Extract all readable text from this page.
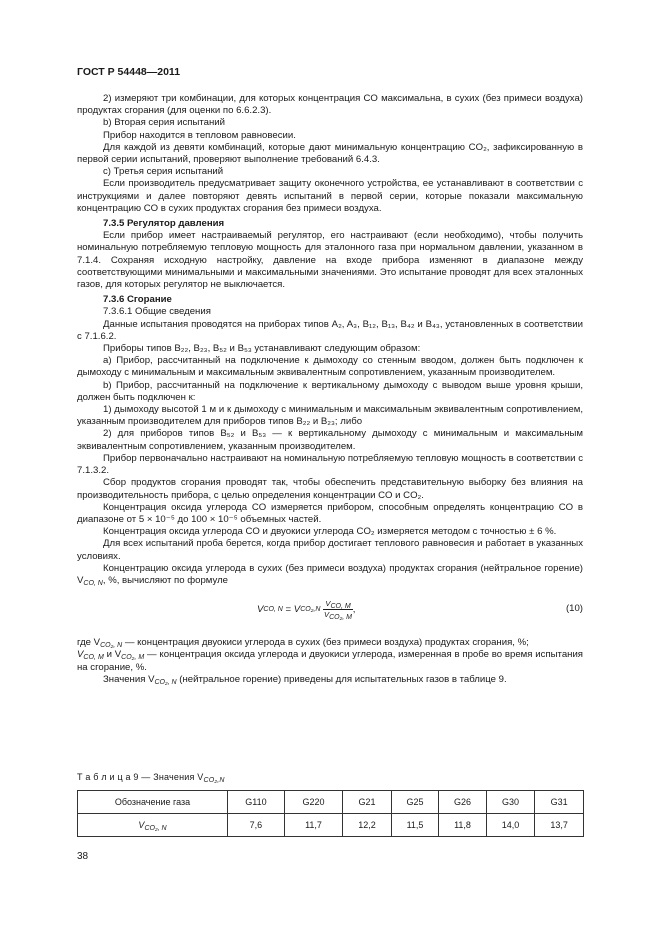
ГОСТ Р 54448—2011

2) измеряют три комбинации, для которых концентрация CO максимальна, в сухих (без примеси воздуха) продуктах сгорания (для оценки по 6.6.2.3).

b) Вторая серия испытаний

Прибор находится в тепловом равновесии.

Для каждой из девяти комбинаций, которые дают минимальную концентрацию CO₂, зафиксированную в первой серии испытаний, проверяют выполнение требований 6.4.3.

c) Третья серия испытаний

Если производитель предусматривает защиту оконечного устройства, ее устанавливают в соответствии с инструкциями и далее повторяют девять испытаний в первой серии, которые показали максимальную концентрацию CO в сухих продуктах сгорания без примеси воздуха.

7.3.5 Регулятор давления

Если прибор имеет настраиваемый регулятор, его настраивают (если необходимо), чтобы получить номинальную потребляемую тепловую мощность для эталонного газа при нормальном давлении, указанном в 7.1.4. Сохраняя исходную настройку, давление на входе прибора изменяют в диапазоне между соответствующими минимальными и максимальными значениями. Это испытание проводят для всех эталонных газов, для которых регулятор не выключается.

7.3.6 Сгорание

7.3.6.1 Общие сведения

Данные испытания проводятся на приборах типов A₂, A₃, B₁₂, B₁₃, B₄₂ и B₄₃, установленных в соответствии с 7.1.6.2.

Приборы типов B₂₂, B₂₃, B₅₂ и B₅₃ устанавливают следующим образом:

a) Прибор, рассчитанный на подключение к дымоходу со стенным вводом, должен быть подключен к дымоходу с минимальным и максимальным эквивалентным сопротивлением, указанным производителем.

b) Прибор, рассчитанный на подключение к вертикальному дымоходу с выводом выше уровня крыши, должен быть подключен к:

1) дымоходу высотой 1 м и к дымоходу с минимальным и максимальным эквивалентным сопротивлением, указанным производителем для приборов типов B₂₂ и B₂₃; либо

2) для приборов типов B₅₂ и B₅₃ — к вертикальному дымоходу с минимальным и максимальным эквивалентным сопротивлением, указанным производителем.

Прибор первоначально настраивают на номинальную потребляемую тепловую мощность в соответствии с 7.1.3.2.

Сбор продуктов сгорания проводят так, чтобы обеспечить представительную выборку без влияния на производительность прибора, с целью определения концентрации CO и CO₂.

Концентрация оксида углерода CO измеряется прибором, способным определять концентрацию CO в диапазоне от 5 × 10⁻⁵ до 100 × 10⁻⁵ объемных частей.

Концентрация оксида углерода CO и двуокиси углерода CO₂ измеряется методом с точностью ± 6 %.

Для всех испытаний проба берется, когда прибор достигает теплового равновесия и работает в указанных условиях.

Концентрацию оксида углерода в сухих (без примеси воздуха) продуктах сгорания (нейтральное горение) $V_{CO, N}$, %, вычисляют по формуле

V CO, N = V $CO_2,N \frac{V_{CO, M}}{V_{CO_2, M}}$ ,	(10)

где $V_{CO_2, N}$ — концентрация двуокиси углерода в сухих (без примеси воздуха) продуктах сгорания, %;

$V_{CO, M}$ и $V_{CO_2, M}$ — концентрация оксида углерода и двуокиси углерода, измеренная в пробе во время испытания на сгорание, %.

Значения $V_{CO_2, N}$ (нейтральное горение) приведены для испытательных газов в таблице 9.

Т а б л и ц а 9 — Значения $V_{CO_2,N}$
Обозначение газа	G110	G220	G21	G25	G26	G30	G31
$V_{CO_2, N}$	7,6	11,7	12,2	11,5	11,8	14,0	13,7
38
